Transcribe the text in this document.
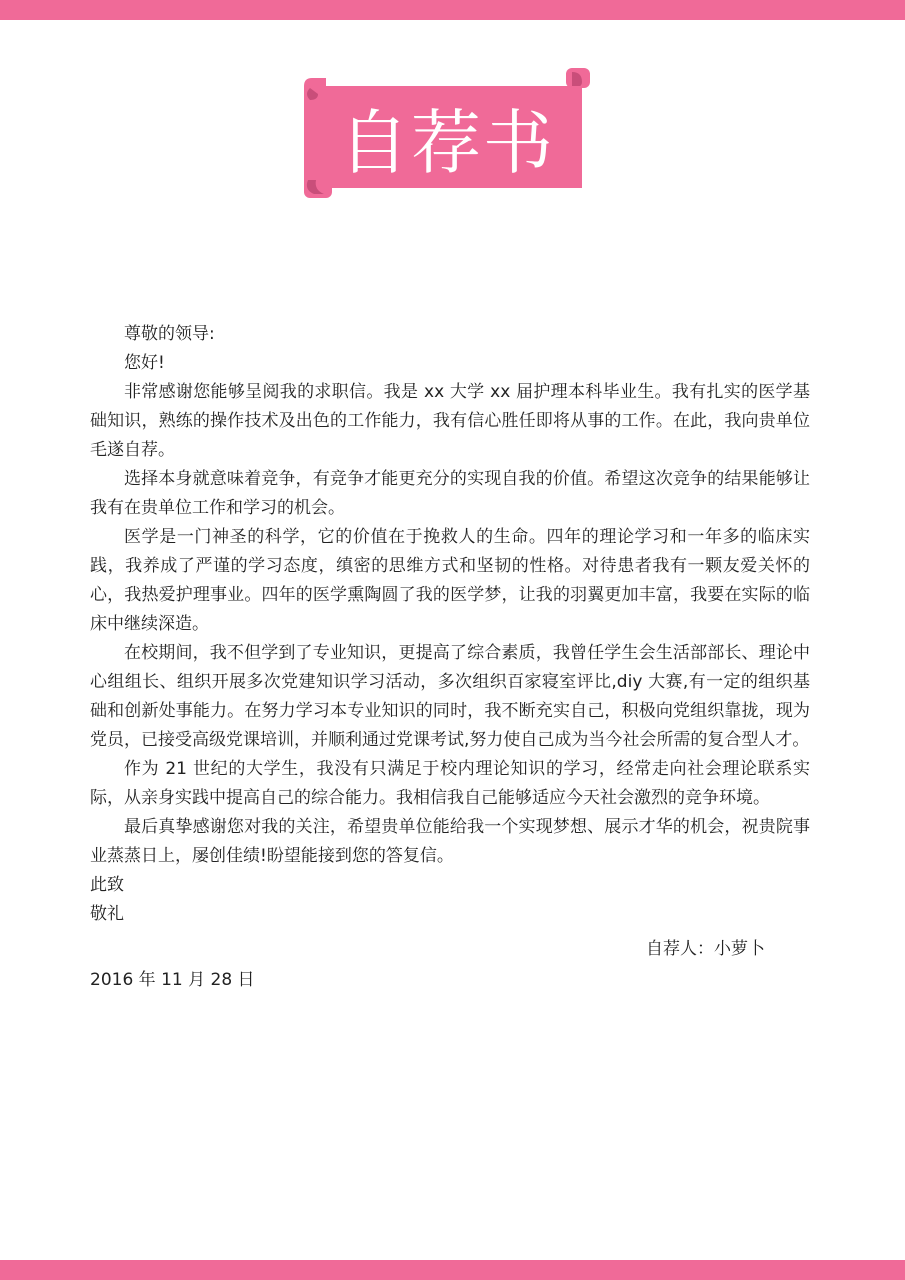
自荐书

尊敬的领导:

您好!

非常感谢您能够呈阅我的求职信。我是 xx 大学 xx 届护理本科毕业生。我有扎实的医学基础知识，熟练的操作技术及出色的工作能力，我有信心胜任即将从事的工作。在此，我向贵单位毛遂自荐。

选择本身就意味着竞争，有竞争才能更充分的实现自我的价值。希望这次竞争的结果能够让我有在贵单位工作和学习的机会。

医学是一门神圣的科学，它的价值在于挽救人的生命。四年的理论学习和一年多的临床实践，我养成了严谨的学习态度，缜密的思维方式和坚韧的性格。对待患者我有一颗友爱关怀的心，我热爱护理事业。四年的医学熏陶圆了我的医学梦，让我的羽翼更加丰富，我要在实际的临床中继续深造。

在校期间，我不但学到了专业知识，更提高了综合素质，我曾任学生会生活部部长、理论中心组组长、组织开展多次党建知识学习活动，多次组织百家寝室评比,diy 大赛,有一定的组织基础和创新处事能力。在努力学习本专业知识的同时，我不断充实自己，积极向党组织靠拢，现为党员，已接受高级党课培训，并顺利通过党课考试,努力使自己成为当今社会所需的复合型人才。

作为 21 世纪的大学生，我没有只满足于校内理论知识的学习，经常走向社会理论联系实际，从亲身实践中提高自己的综合能力。我相信我自己能够适应今天社会激烈的竞争环境。

最后真挚感谢您对我的关注，希望贵单位能给我一个实现梦想、展示才华的机会，祝贵院事业蒸蒸日上，屡创佳绩!盼望能接到您的答复信。

此致

敬礼

自荐人：小萝卜

2016 年 11 月 28 日
